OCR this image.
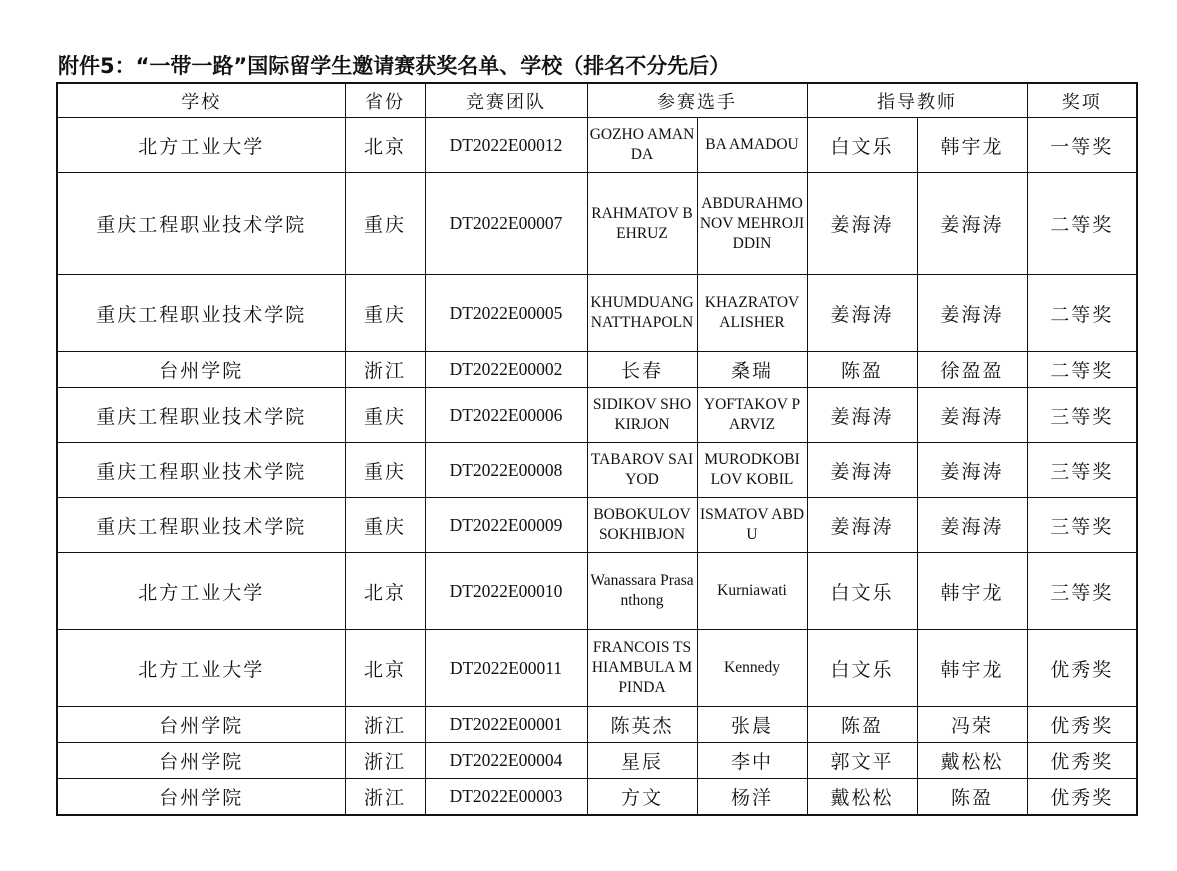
附件5：“一带一路”国际留学生邀请赛获奖名单、学校（排名不分先后）
学校	省份	竞赛团队	参赛选手		指导教师		奖项
北方工业大学	北京	DT2022E00012	GOZHO AMANDA	BA AMADOU	白文乐	韩宇龙	一等奖
重庆工程职业技术学院	重庆	DT2022E00007	RAHMATOV BEHRUZ	ABDURAHMONOV MEHROJIDDIN	姜海涛	姜海涛	二等奖
重庆工程职业技术学院	重庆	DT2022E00005	KHUMDUANG NATTHAPOLN	KHAZRATOV ALISHER	姜海涛	姜海涛	二等奖
台州学院	浙江	DT2022E00002	长春	桑瑞	陈盈	徐盈盈	二等奖
重庆工程职业技术学院	重庆	DT2022E00006	SIDIKOV SHOKIRJON	YOFTAKOV PARVIZ	姜海涛	姜海涛	三等奖
重庆工程职业技术学院	重庆	DT2022E00008	TABAROV SAIYOD	MURODKOBILOV KOBIL	姜海涛	姜海涛	三等奖
重庆工程职业技术学院	重庆	DT2022E00009	BOBOKULOV SOKHIBJON	ISMATOV ABDU	姜海涛	姜海涛	三等奖
北方工业大学	北京	DT2022E00010	Wanassara Prasanthong	Kurniawati	白文乐	韩宇龙	三等奖
北方工业大学	北京	DT2022E00011	FRANCOIS TSHIAMBULA MPINDA	Kennedy	白文乐	韩宇龙	优秀奖
台州学院	浙江	DT2022E00001	陈英杰	张晨	陈盈	冯荣	优秀奖
台州学院	浙江	DT2022E00004	星辰	李中	郭文平	戴松松	优秀奖
台州学院	浙江	DT2022E00003	方文	杨洋	戴松松	陈盈	优秀奖
